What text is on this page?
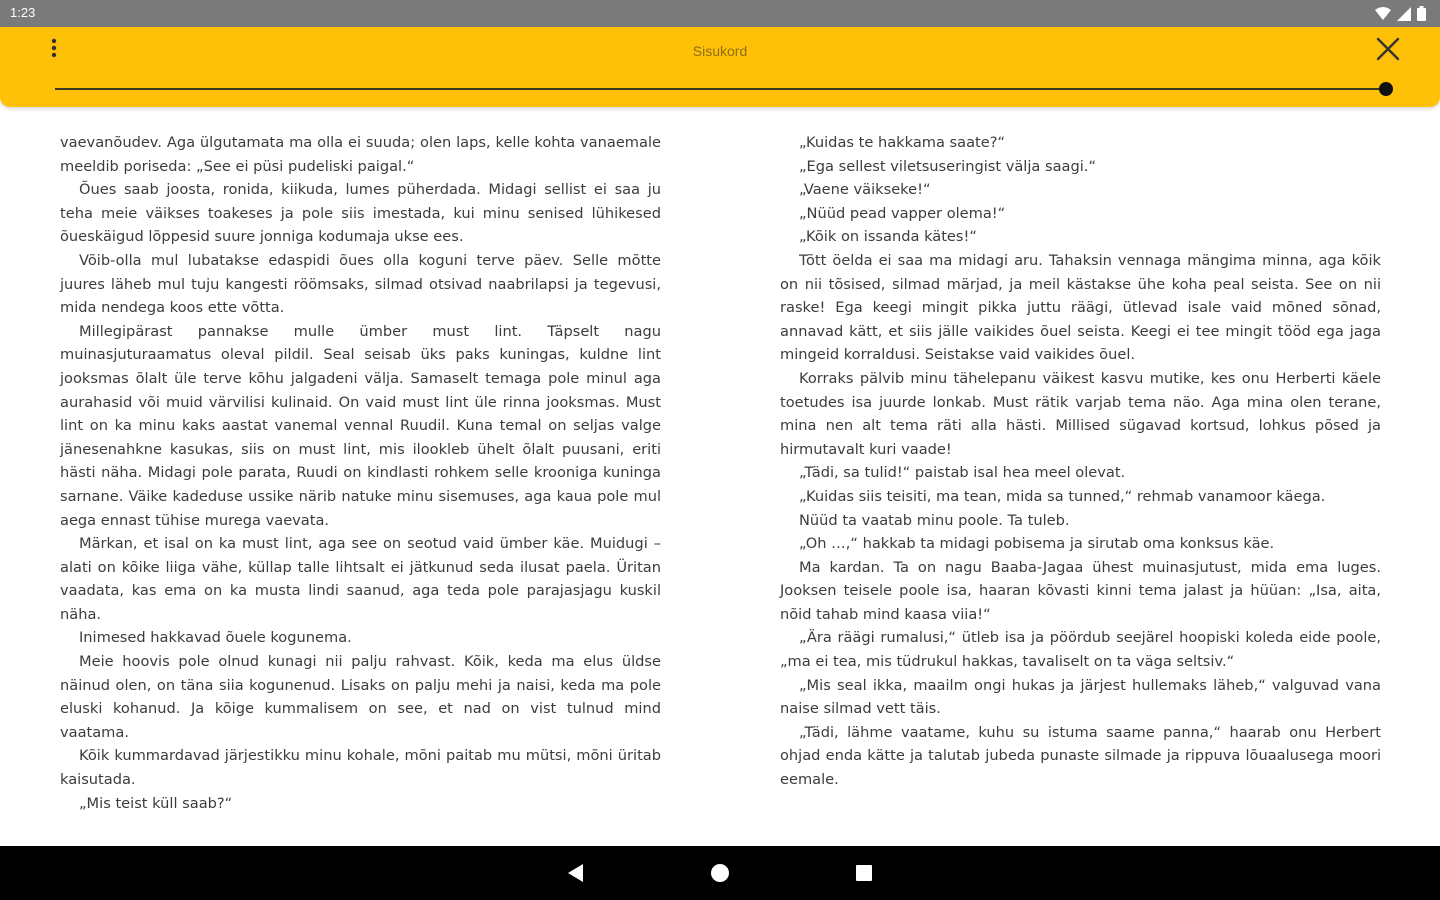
1:23
Sisukord

vaevanõudev. Aga ülgutamata ma olla ei suuda; olen laps, kelle kohta vanaemale meeldib poriseda: „See ei püsi pudeliski paigal.“

Õues saab joosta, ronida, kiikuda, lumes püherdada. Midagi sellist ei saa ju teha meie väikses toakeses ja pole siis imestada, kui minu senised lühikesed õueskäigud lõppesid suure jonniga kodumaja ukse ees.

Võib-olla mul lubatakse edaspidi õues olla koguni terve päev. Selle mõtte juures läheb mul tuju kangesti röömsaks, silmad otsivad naabrilapsi ja tegevusi, mida nendega koos ette võtta.

Millegipärast pannakse mulle ümber must lint. Täpselt nagu muinasjuturaamatus oleval pildil. Seal seisab üks paks kuningas, kuldne lint jooksmas õlalt üle terve kõhu jalgadeni välja. Samaselt temaga pole minul aga aurahasid või muid värvilisi kulinaid. On vaid must lint üle rinna jooksmas. Must lint on ka minu kaks aastat vanemal vennal Ruudil. Kuna temal on seljas valge jänesenahkne kasukas, siis on must lint, mis ilooklеb ühelt õlalt puusani, eriti hästi näha. Midagi pole parata, Ruudi on kindlasti rohkem selle krooniga kuninga sarnane. Väike kadeduse ussike närib natuke minu sisemuses, aga kaua pole mul aega ennast tühise murega vaevata.

Märkan, et isal on ka must lint, aga see on seotud vaid ümber käe. Muidugi – alati on kõike liiga vähe, küllap talle lihtsalt ei jätkunud seda ilusat paela. Üritan vaadata, kas ema on ka musta lindi saanud, aga teda pole parajasjagu kuskil näha.

Inimesed hakkavad õuele kogunema.

Meie hoovis pole olnud kunagi nii palju rahvast. Kõik, keda ma elus üldse näinud olen, on täna siia kogunenud. Lisaks on palju mehi ja naisi, keda ma pole eluski kohanud. Ja kõige kummalisem on see, et nad on vist tulnud mind vaatama.

Kõik kummardavad järjestikku minu kohale, mõni paitab mu mütsi, mõni üritab kaisutada.

„Mis teist küll saab?“

„Kuidas te hakkama saate?“

„Ega sellest viletsuseringist välja saagi.“

„Vaene väikseke!“

„Nüüd pead vapper olema!“

„Kõik on issanda kätes!“

Tõtt öelda ei saa ma midagi aru. Tahaksin vennaga mängima minna, aga kõik on nii tõsised, silmad märjad, ja meil kästakse ühe koha peal seista. See on nii raske! Ega keegi mingit pikka juttu räägi, ütlevad isale vaid mõned sõnad, annavad kätt, et siis jälle vaikides õuel seista. Keegi ei tee mingit tööd ega jaga mingeid korraldusi. Seistakse vaid vaikides õuel.

Korraks pälvib minu tähelepanu väikest kasvu mutike, kes onu Herberti käele toetudes isa juurde lonkab. Must rätik varjab tema näo. Aga mina olen terane, mina nen alt tema räti alla hästi. Millised sügavad kortsud, lohkus põsed ja hirmutavalt kuri vaade!

„Tädi, sa tulid!“ paistab isal hea meel olevat.

„Kuidas siis teisiti, ma tean, mida sa tunned,“ rehmab vanamoor käega.

Nüüd ta vaatab minu poole. Ta tuleb.

„Oh …,“ hakkab ta midagi pobisema ja sirutab oma konksus käe.

Ma kardan. Ta on nagu Baaba-Jagaa ühest muinasjutust, mida ema luges. Jooksen teisele poole isa, haaran kõvasti kinni tema jalast ja hüüan: „Isa, aita, nõid tahab mind kaasa viia!“

„Ära räägi rumalusi,“ ütleb isa ja pöördub seejärel hoopiski koleda eide poole, „ma ei tea, mis tüdrukul hakkas, tavaliselt on ta väga seltsiv.“

„Mis seal ikka, maailm ongi hukas ja järjest hullemaks läheb,“ valguvad vana naise silmad vett täis.

„Tädi, lähme vaatame, kuhu su istuma saame panna,“ haarab onu Herbert ohjad enda kätte ja talutab jubeda punaste silmade ja rippuva lõuaalusega moori eemale.
